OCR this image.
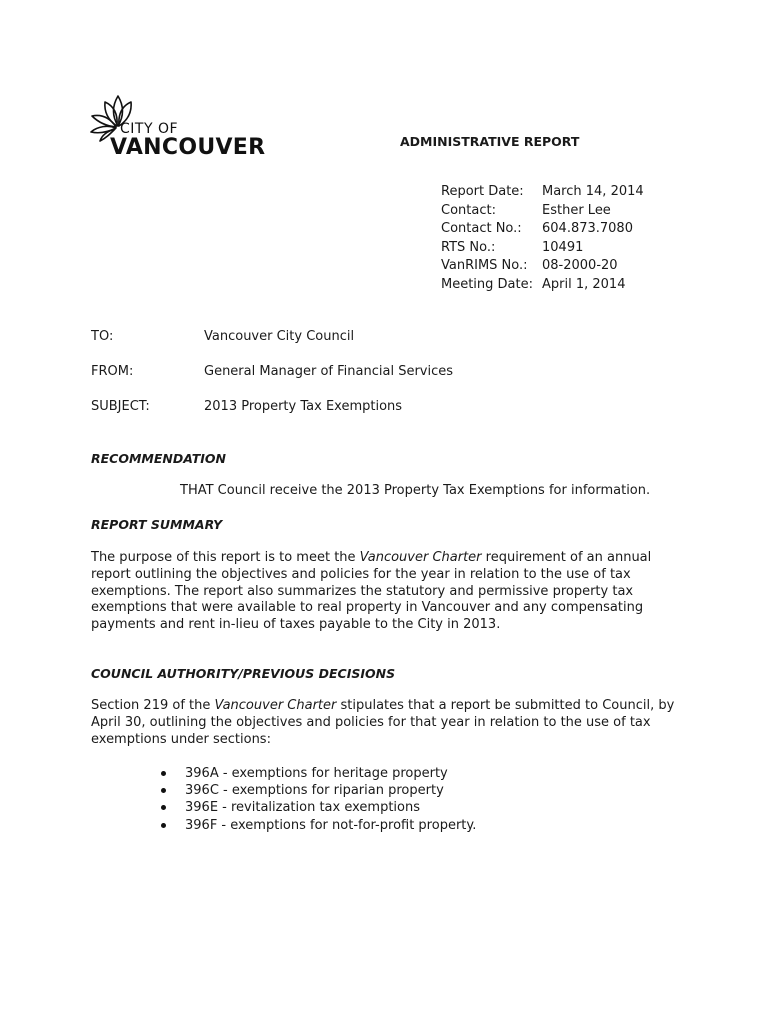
CITY OF
VANCOUVER	ADMINISTRATIVE REPORT
Report Date:	March 14, 2014
Contact:	Esther Lee
Contact No.:	604.873.7080
RTS No.:	10491
VanRIMS No.:	08-2000-20
Meeting Date: April 1, 2014
TO:	Vancouver City Council
FROM:	General Manager of Financial Services
SUBJECT:	2013 Property Tax Exemptions
RECOMMENDATION
THAT Council receive the 2013 Property Tax Exemptions for information.
REPORT SUMMARY
The purpose of this report is to meet the Vancouver Charter requirement of an annual report outlining the objectives and policies for the year in relation to the use of tax exemptions. The report also summarizes the statutory and permissive property tax exemptions that were available to real property in Vancouver and any compensating payments and rent in-lieu of taxes payable to the City in 2013.
COUNCIL AUTHORITY/PREVIOUS DECISIONS
Section 219 of the Vancouver Charter stipulates that a report be submitted to Council, by April 30, outlining the objectives and policies for that year in relation to the use of tax exemptions under sections:
396A - exemptions for heritage property
396C - exemptions for riparian property
396E - revitalization tax exemptions
396F - exemptions for not-for-profit property.
